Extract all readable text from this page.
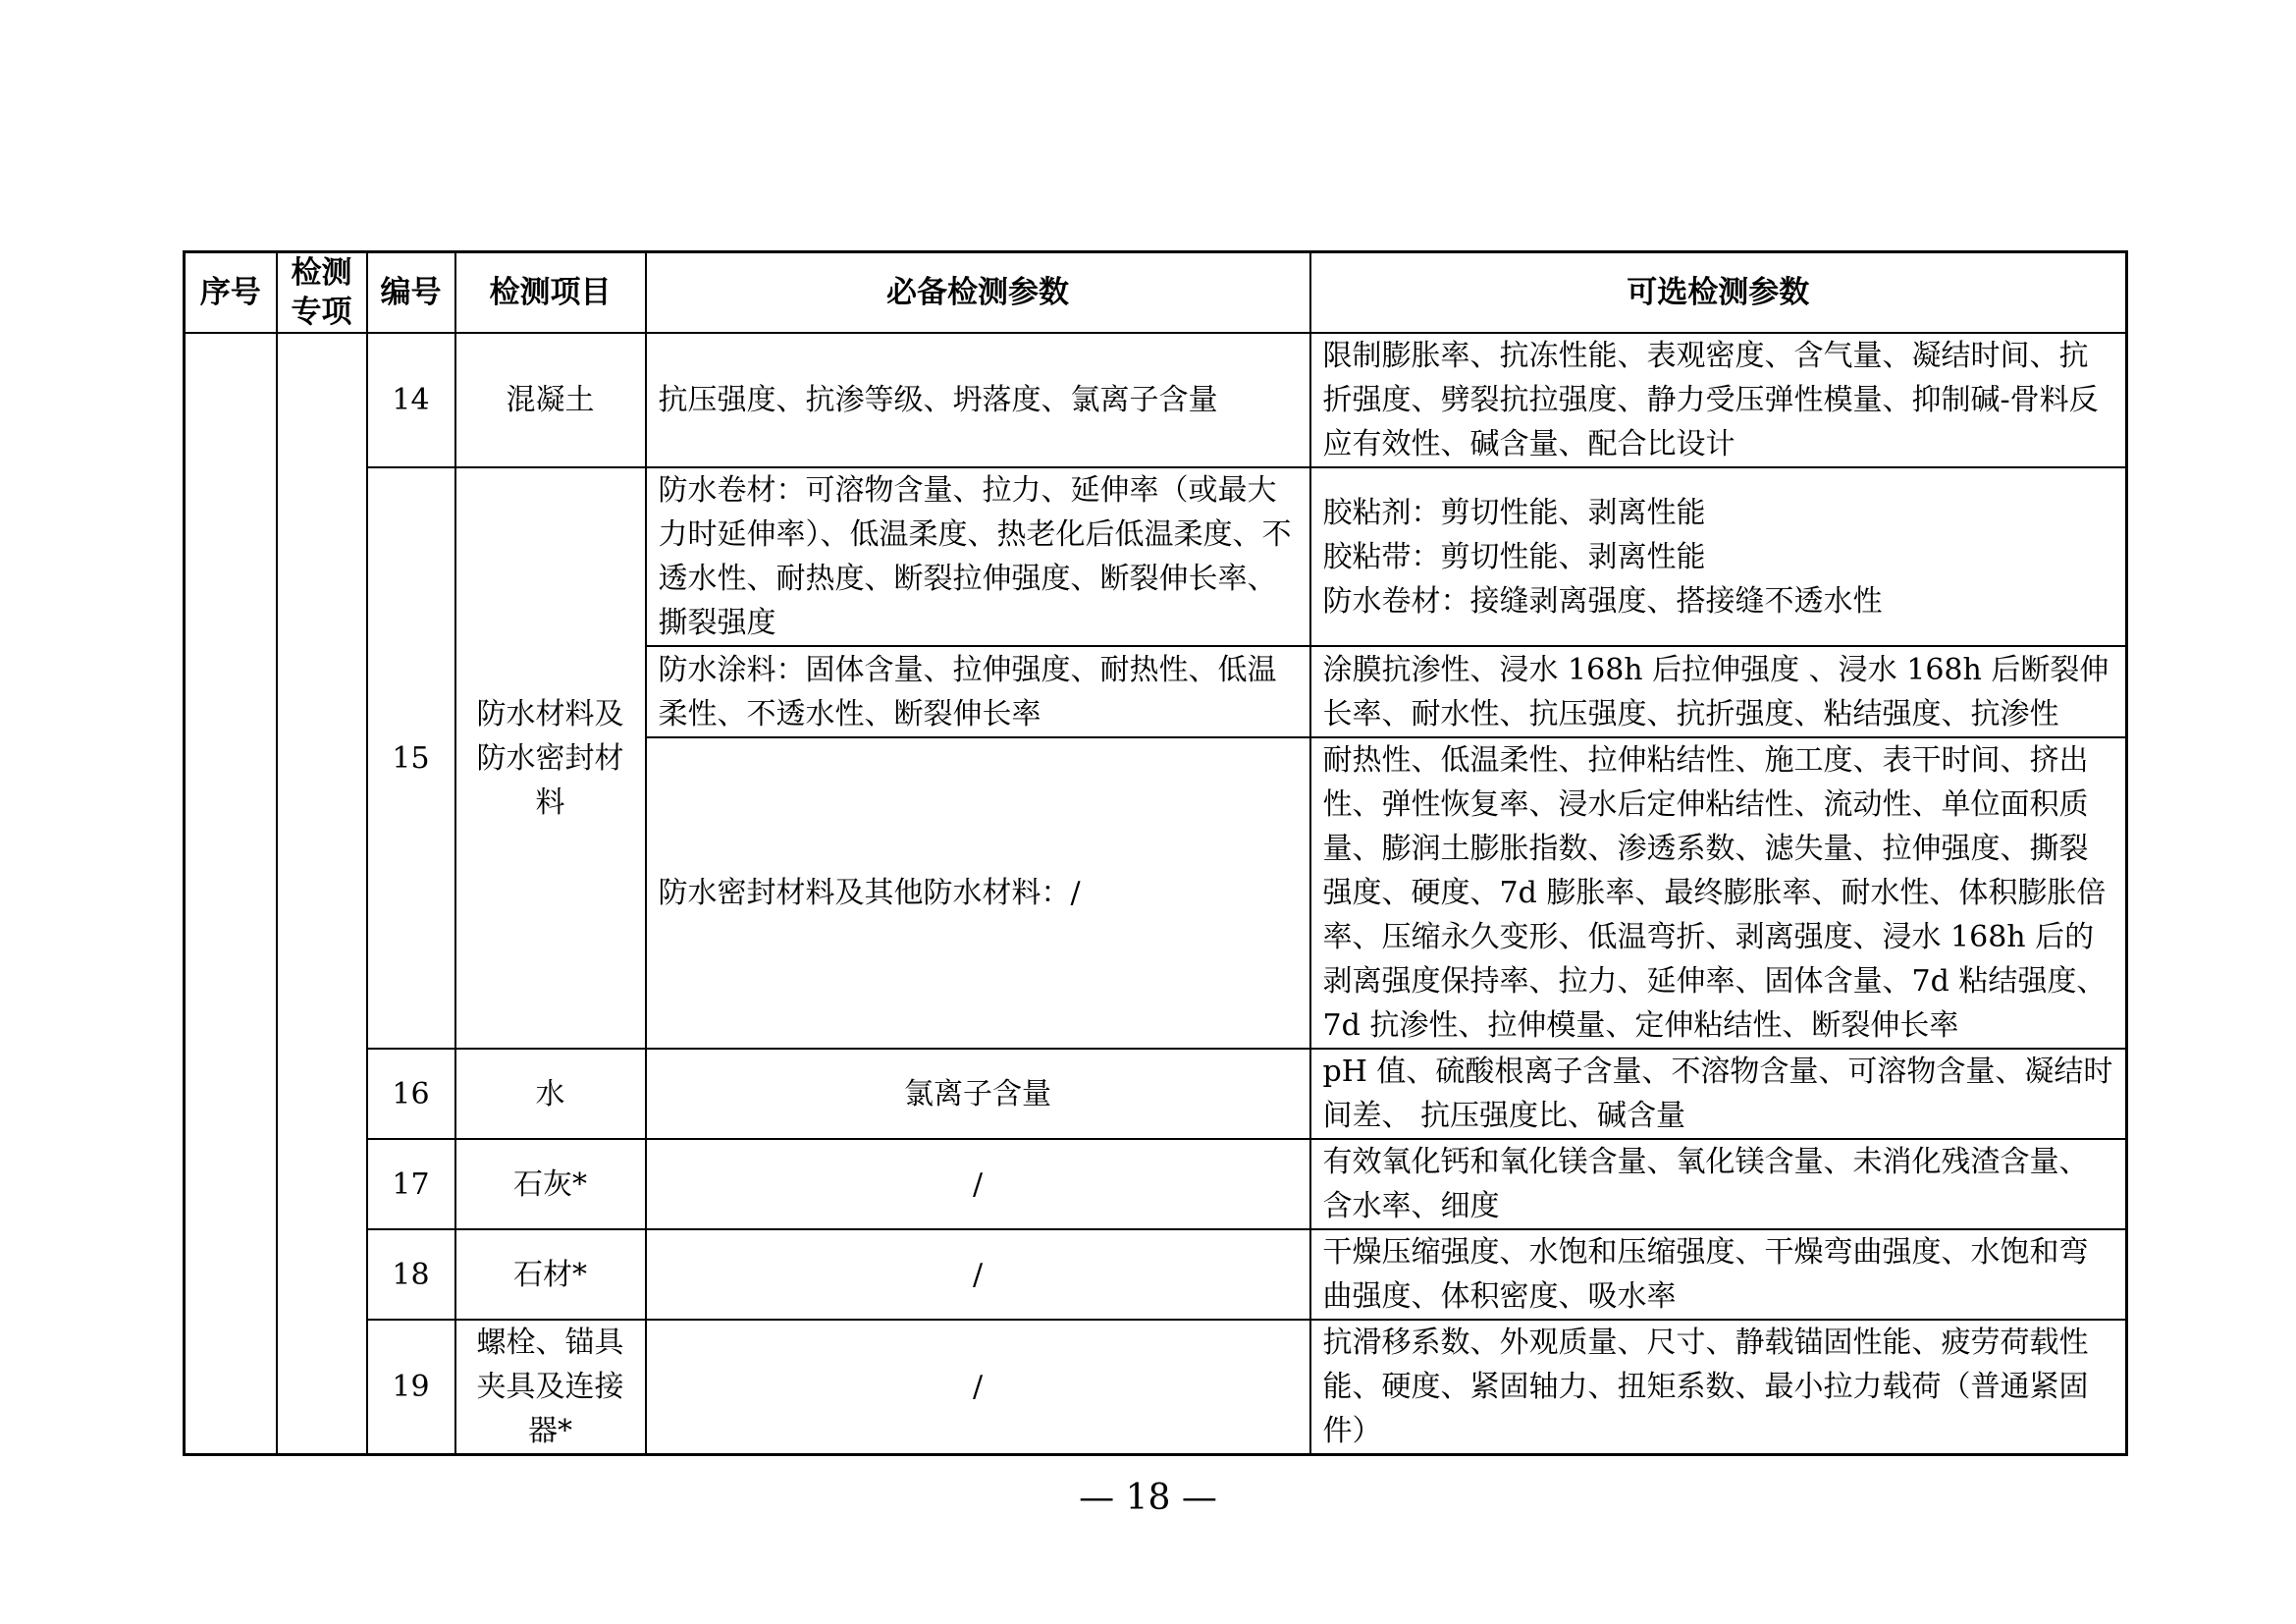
序号	检测专项	编号	检测项目	必备检测参数	可选检测参数
		14	混凝土	抗压强度、抗渗等级、坍落度、氯离子含量	限制膨胀率、抗冻性能、表观密度、含气量、凝结时间、抗折强度、劈裂抗拉强度、静力受压弹性模量、抑制碱-骨料反应有效性、碱含量、配合比设计
		15	防水材料及防水密封材料	防水卷材：可溶物含量、拉力、延伸率（或最大力时延伸率）、低温柔度、热老化后低温柔度、不透水性、耐热度、断裂拉伸强度、断裂伸长率、撕裂强度	胶粘剂：剪切性能、剥离性能
胶粘带：剪切性能、剥离性能
防水卷材：接缝剥离强度、搭接缝不透水性

				防水涂料：固体含量、拉伸强度、耐热性、低温柔性、不透水性、断裂伸长率	涂膜抗渗性、浸水 168h 后拉伸强度 、浸水 168h 后断裂伸长率、耐水性、抗压强度、抗折强度、粘结强度、抗渗性
				防水密封材料及其他防水材料：/	耐热性、低温柔性、拉伸粘结性、施工度、表干时间、挤出性、弹性恢复率、浸水后定伸粘结性、流动性、单位面积质量、膨润土膨胀指数、渗透系数、滤失量、拉伸强度、撕裂强度、硬度、7d 膨胀率、最终膨胀率、耐水性、体积膨胀倍率、压缩永久变形、低温弯折、剥离强度、浸水 168h 后的剥离强度保持率、拉力、延伸率、固体含量、7d 粘结强度、7d 抗渗性、拉伸模量、定伸粘结性、断裂伸长率
		16	水	氯离子含量	pH 值、硫酸根离子含量、不溶物含量、可溶物含量、凝结时间差、 抗压强度比、碱含量
		17	石灰*	/	有效氧化钙和氧化镁含量、氧化镁含量、未消化残渣含量、含水率、细度
		18	石材*	/	干燥压缩强度、水饱和压缩强度、干燥弯曲强度、水饱和弯曲强度、体积密度、吸水率
		19	螺栓、锚具夹具及连接器*	/	抗滑移系数、外观质量、尺寸、静载锚固性能、疲劳荷载性能、硬度、紧固轴力、扭矩系数、最小拉力载荷（普通紧固件）
— 18 —
